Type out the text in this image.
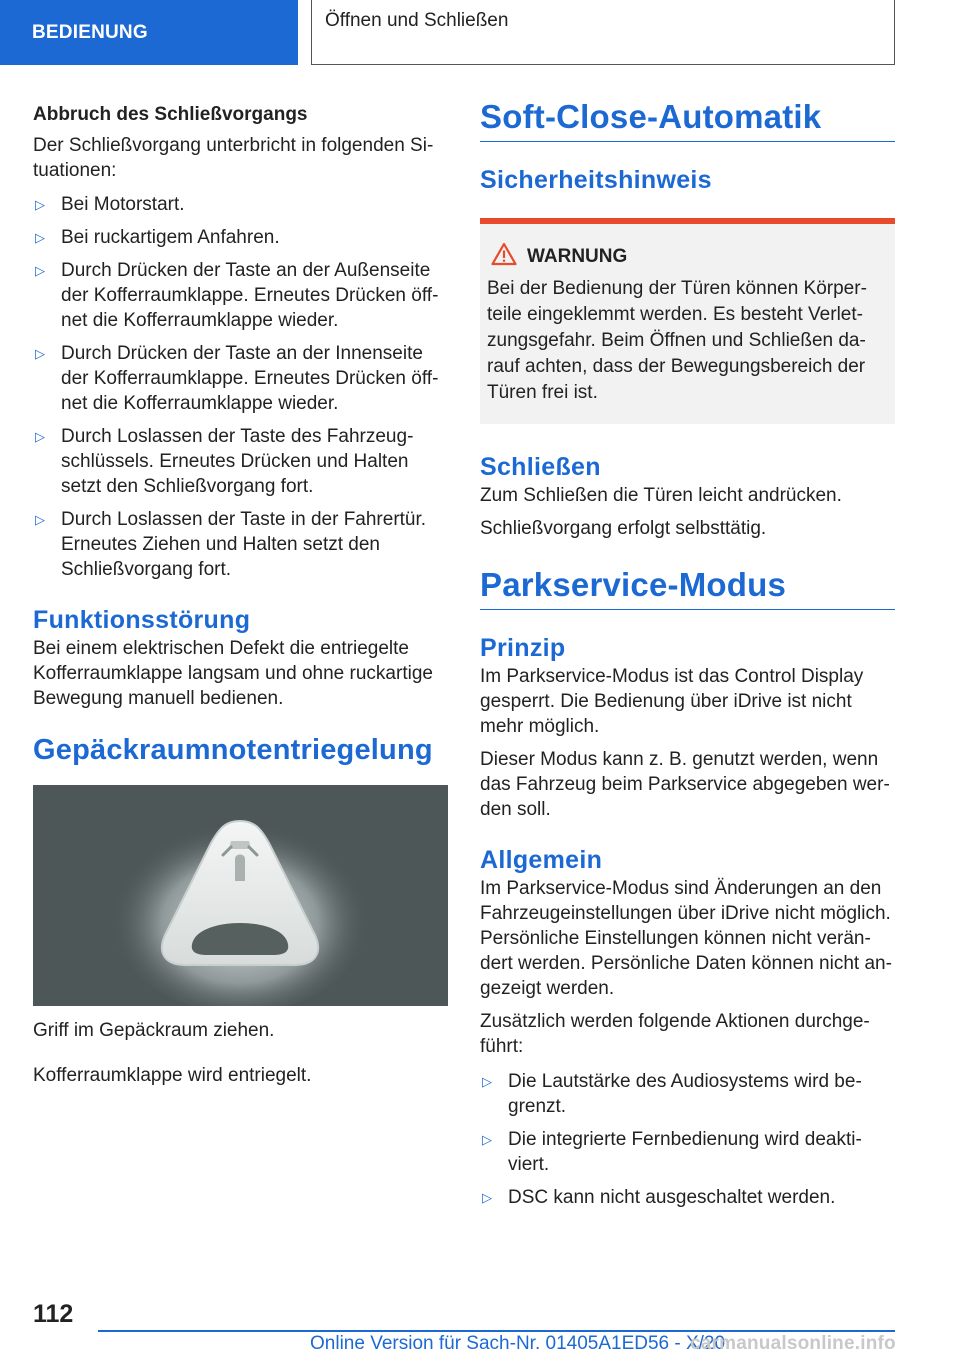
BEDIENUNG
Öffnen und Schließen

Abbruch des Schließvorgangs

Der Schließvorgang unterbricht in folgenden Situationen:

▷ Bei Motorstart.
▷ Bei ruckartigem Anfahren.
▷ Durch Drücken der Taste an der Außenseite der Kofferraumklappe. Erneutes Drücken öffnet die Kofferraumklappe wieder.
▷ Durch Drücken der Taste an der Innenseite der Kofferraumklappe. Erneutes Drücken öffnet die Kofferraumklappe wieder.
▷ Durch Loslassen der Taste des Fahrzeugschlüssels. Erneutes Drücken und Halten setzt den Schließvorgang fort.
▷ Durch Loslassen der Taste in der Fahrertür. Erneutes Ziehen und Halten setzt den Schließvorgang fort.
Funktionsstörung

Bei einem elektrischen Defekt die entriegelte Kofferraumklappe langsam und ohne ruckartige Bewegung manuell bedienen.

Gepäckraumnotentriegelung

Griff im Gepäckraum ziehen.

Kofferraumklappe wird entriegelt.

Soft-Close-Automatik
Sicherheitshinweis
WARNUNG

Bei der Bedienung der Türen können Körperteile eingeklemmt werden. Es besteht Verletzungsgefahr. Beim Öffnen und Schließen darauf achten, dass der Bewegungsbereich der Türen frei ist.

Schließen

Zum Schließen die Türen leicht andrücken.

Schließvorgang erfolgt selbsttätig.

Parkservice-Modus
Prinzip

Im Parkservice-Modus ist das Control Display gesperrt. Die Bedienung über iDrive ist nicht mehr möglich.

Dieser Modus kann z. B. genutzt werden, wenn das Fahrzeug beim Parkservice abgegeben werden soll.

Allgemein

Im Parkservice-Modus sind Änderungen an den Fahrzeugeinstellungen über iDrive nicht möglich. Persönliche Einstellungen können nicht verändert werden. Persönliche Daten können nicht angezeigt werden.

Zusätzlich werden folgende Aktionen durchgeführt:

▷ Die Lautstärke des Audiosystems wird begrenzt.
▷ Die integrierte Fernbedienung wird deaktiviert.
▷ DSC kann nicht ausgeschaltet werden.
112
Online Version für Sach-Nr. 01405A1ED56 - X/20
carmanualsonline.info
